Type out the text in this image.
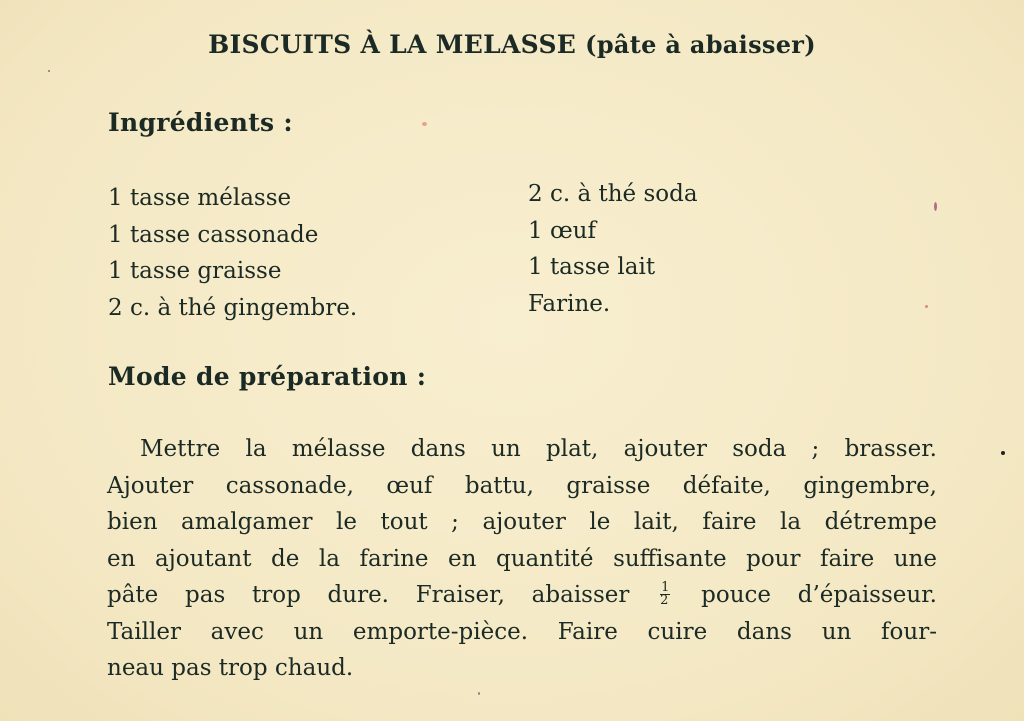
BISCUITS À LA MELASSE (pâte à abaisser)
Ingrédients :
1 tasse mélasse
1 tasse cassonade
1 tasse graisse
2 c. à thé gingembre.
2 c. à thé soda
1 œuf
1 tasse lait
Farine.
Mode de préparation :
Mettre la mélasse dans un plat, ajouter soda ; brasser.
Ajouter cassonade, œuf battu, graisse défaite, gingembre,
bien amalgamer le tout ; ajouter le lait, faire la détrempe
en ajoutant de la farine en quantité suffisante pour faire une
pâte pas trop dure. Fraiser, abaisser $\frac{1}{2}$ pouce d’épaisseur.
Tailler avec un emporte-pièce. Faire cuire dans un four-
neau pas trop chaud.
